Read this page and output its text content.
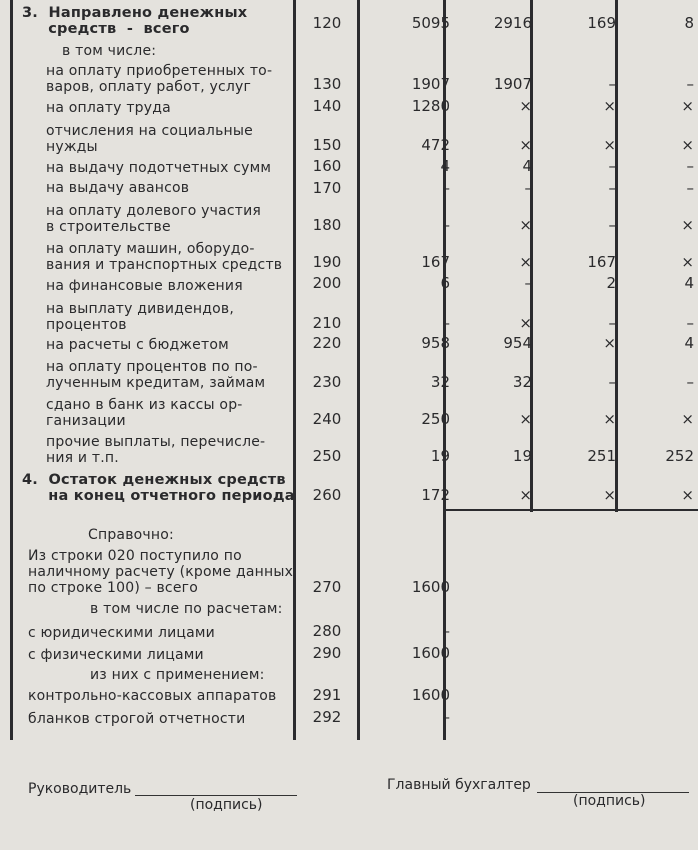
3.  Направлено денежных
средств  -  всего	120	5095	2916	169	8
в том числе:
на оплату приобретенных то-
варов, оплату работ, услуг	130	1907	1907	–	–
на оплату труда	140	1280	×	×	×
отчисления на социальные
нужды	150	472	×	×	×
на выдачу подотчетных сумм	160	4	4	–	–
на выдачу авансов	170	–	–	–	–
на оплату долевого участия
в строительстве	180	–	×	–	×
на оплату машин, оборудо-
вания и транспортных средств	190	167	×	167	×
на финансовые вложения	200	6	–	2	4
на выплату дивидендов,
процентов	210	–	×	–	–
на расчеты с бюджетом	220	958	954	×	4
на оплату процентов по по-
лученным кредитам, займам	230	32	32	–	–
сдано в банк из кассы ор-
ганизации	240	250	×	×	×
прочие выплаты, перечисле-
ния и т.п.	250	19	19	251	252
4.  Остаток денежных средств
на конец отчетного периода	260	172	×	×	×
Справочно:
Из строки 020 поступило по
наличному расчету (кроме данных
по строке 100) – всего	270	1600
в том числе по расчетам:
с юридическими лицами	280	–
с физическими лицами	290	1600
из них с применением:
контрольно-кассовых аппаратов	291	1600
бланков строгой отчетности	292	–
Руководитель
(подпись)
Главный бухгалтер
(подпись)
